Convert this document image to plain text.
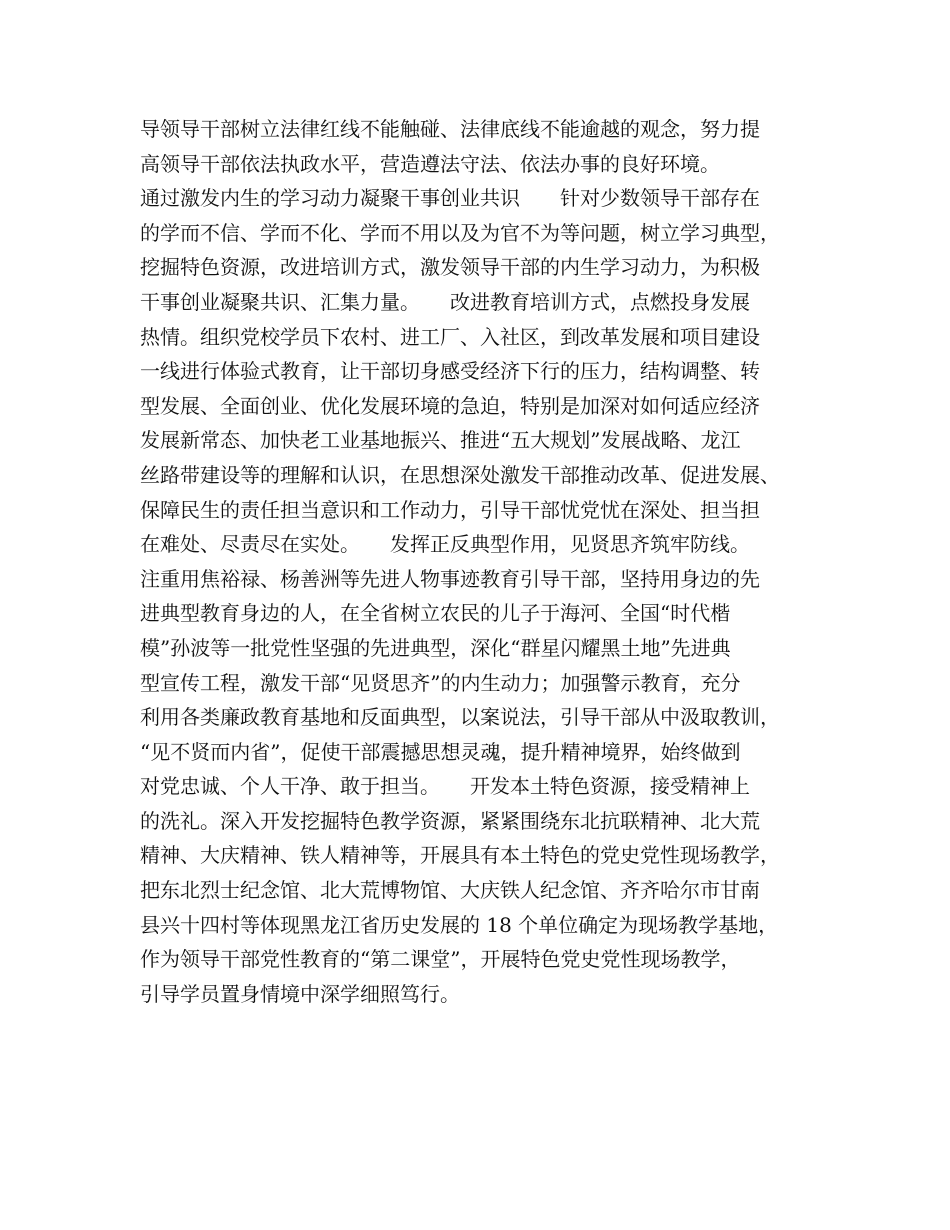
导领导干部树立法律红线不能触碰、法律底线不能逾越的观念，努力提
高领导干部依法执政水平，营造遵法守法、依法办事的良好环境。
通过激发内生的学习动力凝聚干事创业共识　　针对少数领导干部存在
的学而不信、学而不化、学而不用以及为官不为等问题，树立学习典型，
挖掘特色资源，改进培训方式，激发领导干部的内生学习动力，为积极
干事创业凝聚共识、汇集力量。　　改进教育培训方式，点燃投身发展
热情。组织党校学员下农村、进工厂、入社区，到改革发展和项目建设
一线进行体验式教育，让干部切身感受经济下行的压力，结构调整、转
型发展、全面创业、优化发展环境的急迫，特别是加深对如何适应经济
发展新常态、加快老工业基地振兴、推进“五大规划”发展战略、龙江
丝路带建设等的理解和认识，在思想深处激发干部推动改革、促进发展、
保障民生的责任担当意识和工作动力，引导干部忧党忧在深处、担当担
在难处、尽责尽在实处。　　发挥正反典型作用，见贤思齐筑牢防线。
注重用焦裕禄、杨善洲等先进人物事迹教育引导干部，坚持用身边的先
进典型教育身边的人，在全省树立农民的儿子于海河、全国“时代楷
模”孙波等一批党性坚强的先进典型，深化“群星闪耀黑土地”先进典
型宣传工程，激发干部“见贤思齐”的内生动力；加强警示教育，充分
利用各类廉政教育基地和反面典型，以案说法，引导干部从中汲取教训，
“见不贤而内省”，促使干部震撼思想灵魂，提升精神境界，始终做到
对党忠诚、个人干净、敢于担当。　　开发本土特色资源，接受精神上
的洗礼。深入开发挖掘特色教学资源，紧紧围绕东北抗联精神、北大荒
精神、大庆精神、铁人精神等，开展具有本土特色的党史党性现场教学，
把东北烈士纪念馆、北大荒博物馆、大庆铁人纪念馆、齐齐哈尔市甘南
县兴十四村等体现黑龙江省历史发展的 18 个单位确定为现场教学基地，
作为领导干部党性教育的“第二课堂”，开展特色党史党性现场教学，
引导学员置身情境中深学细照笃行。
